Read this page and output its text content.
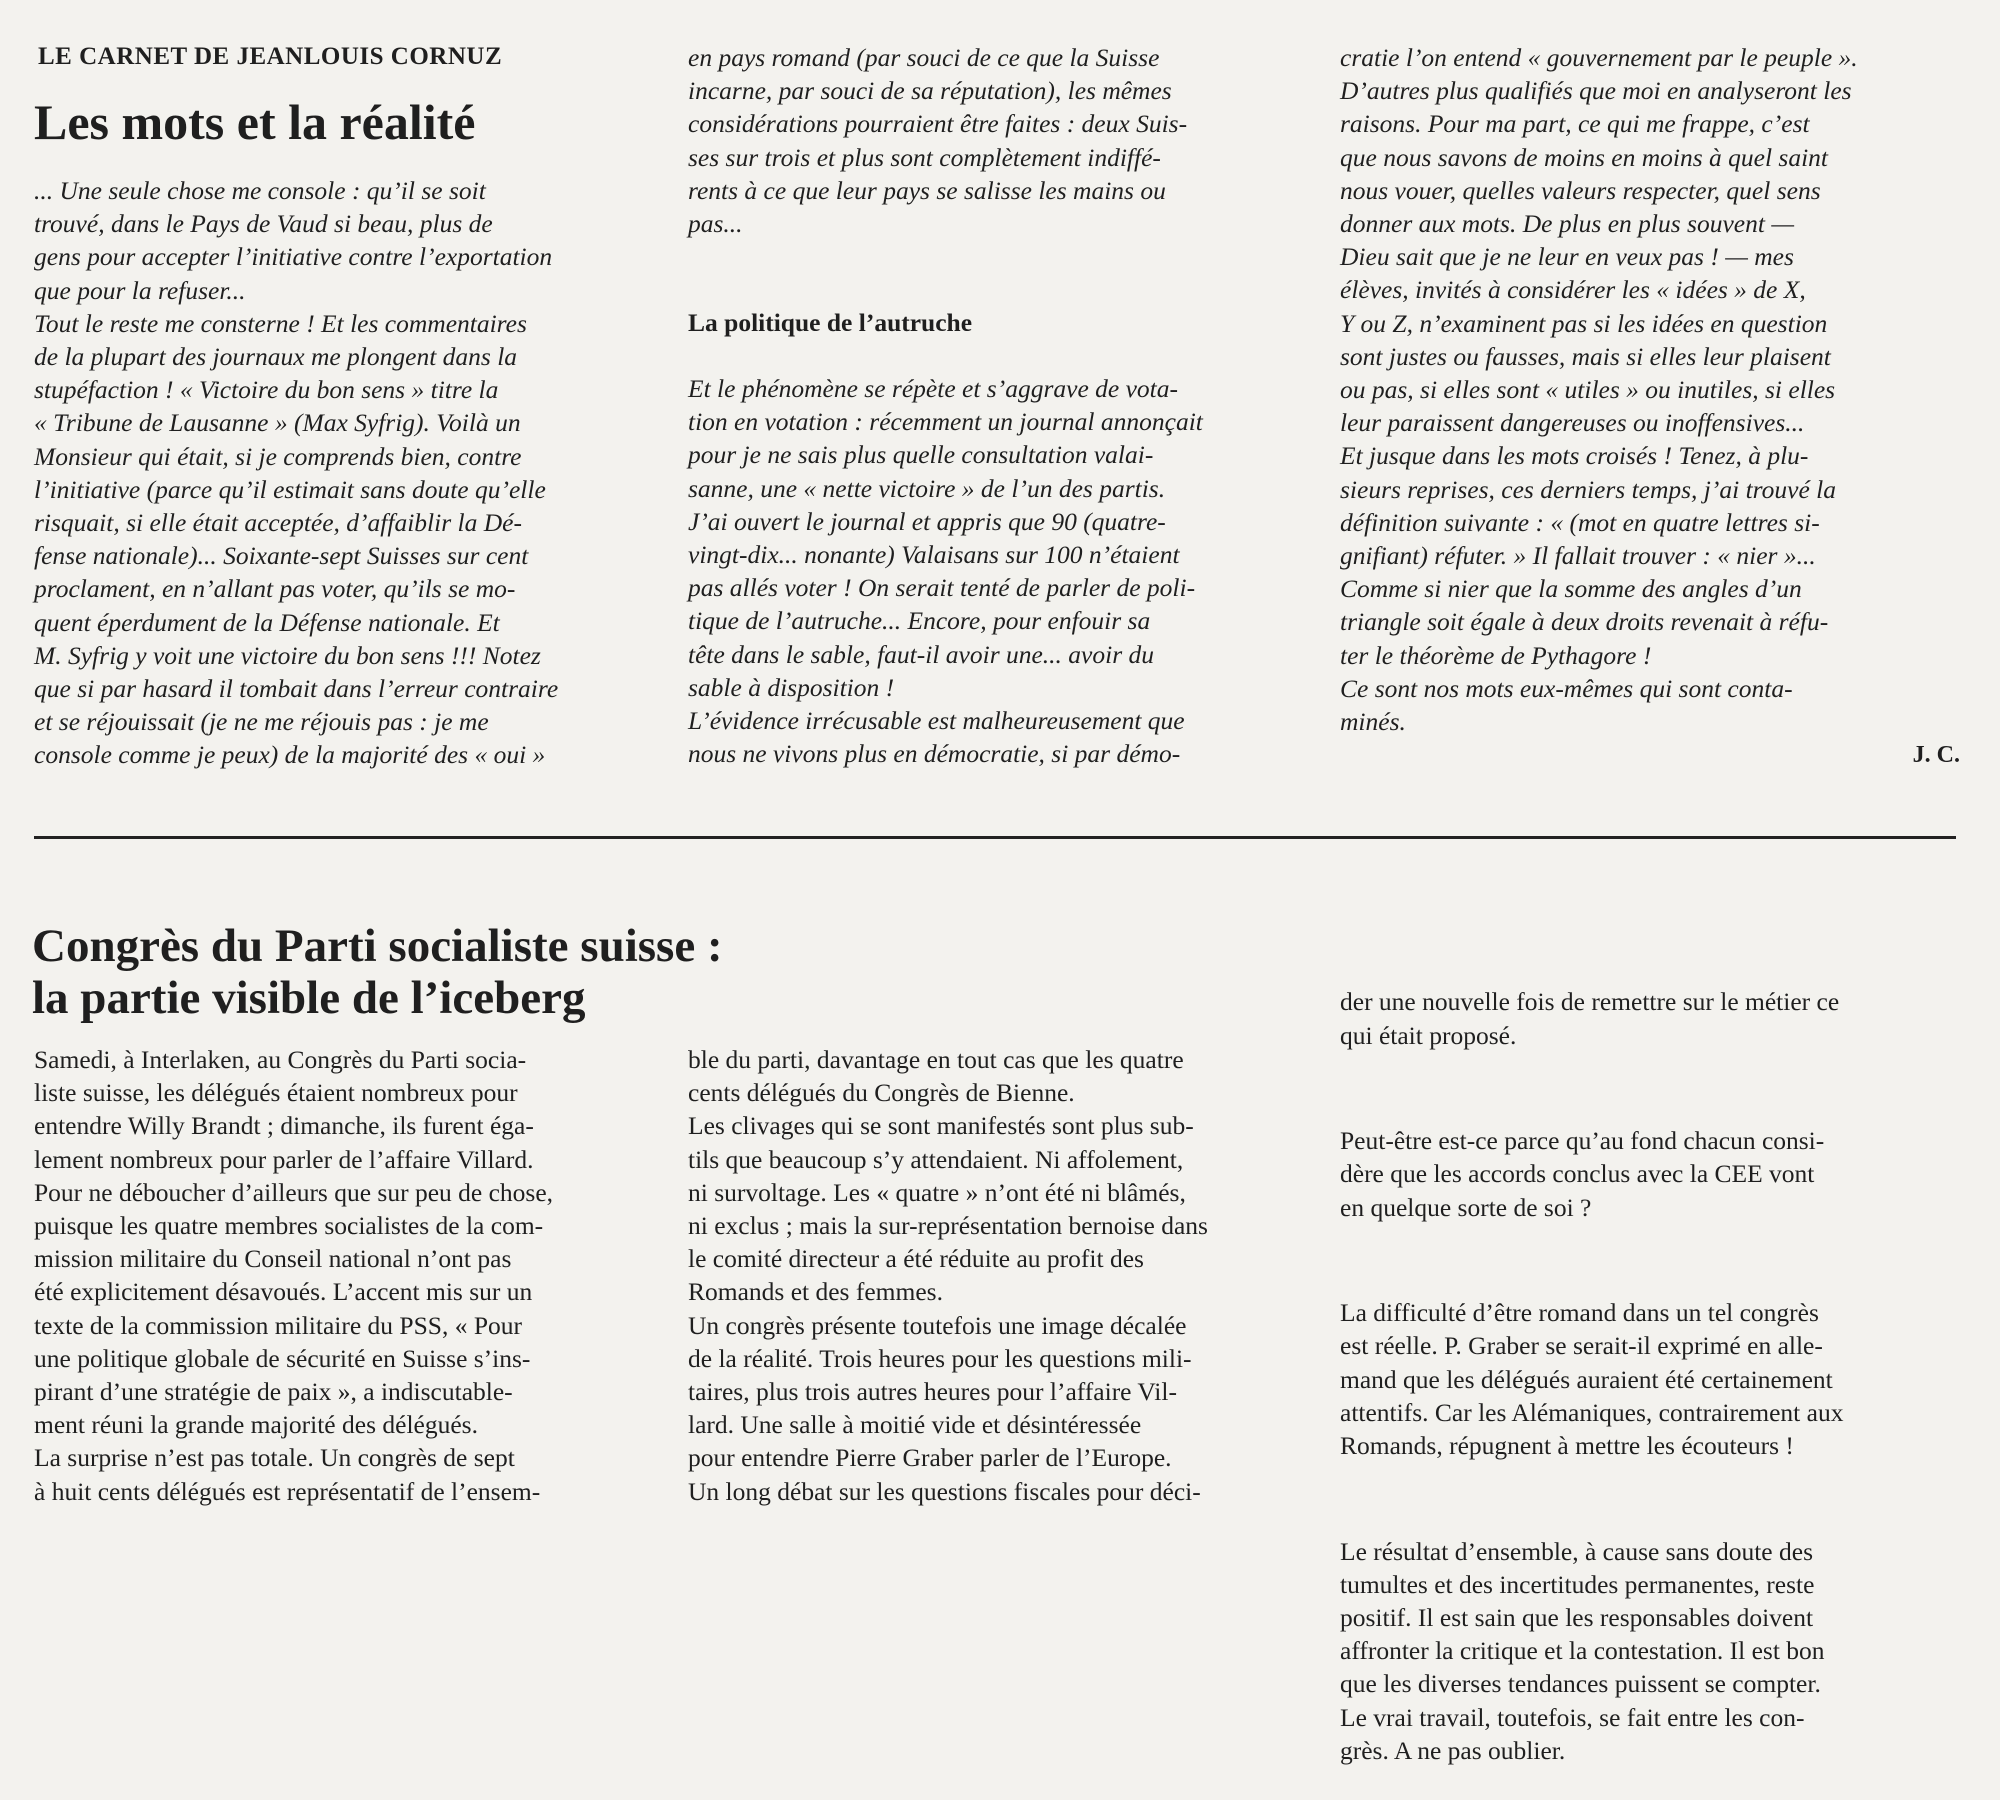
LE CARNET DE JEANLOUIS CORNUZ
Les mots et la réalité
... Une seule chose me console : qu’il se soit
trouvé, dans le Pays de Vaud si beau, plus de
gens pour accepter l’initiative contre l’exportation
que pour la refuser...
Tout le reste me consterne ! Et les commentaires
de la plupart des journaux me plongent dans la
stupéfaction ! « Victoire du bon sens » titre la
« Tribune de Lausanne » (Max Syfrig). Voilà un
Monsieur qui était, si je comprends bien, contre
l’initiative (parce qu’il estimait sans doute qu’elle
risquait, si elle était acceptée, d’affaiblir la Dé-
fense nationale)... Soixante-sept Suisses sur cent
proclament, en n’allant pas voter, qu’ils se mo-
quent éperdument de la Défense nationale. Et
M. Syfrig y voit une victoire du bon sens !!! Notez
que si par hasard il tombait dans l’erreur contraire
et se réjouissait (je ne me réjouis pas : je me
console comme je peux) de la majorité des « oui »
en pays romand (par souci de ce que la Suisse
incarne, par souci de sa réputation), les mêmes
considérations pourraient être faites : deux Suis-
ses sur trois et plus sont complètement indiffé-
rents à ce que leur pays se salisse les mains ou
pas...
La politique de l’autruche
Et le phénomène se répète et s’aggrave de vota-
tion en votation : récemment un journal annonçait
pour je ne sais plus quelle consultation valai-
sanne, une « nette victoire » de l’un des partis.
J’ai ouvert le journal et appris que 90 (quatre-
vingt-dix... nonante) Valaisans sur 100 n’étaient
pas allés voter ! On serait tenté de parler de poli-
tique de l’autruche... Encore, pour enfouir sa
tête dans le sable, faut-il avoir une... avoir du
sable à disposition !
L’évidence irrécusable est malheureusement que
nous ne vivons plus en démocratie, si par démo-
cratie l’on entend « gouvernement par le peuple ».
D’autres plus qualifiés que moi en analyseront les
raisons. Pour ma part, ce qui me frappe, c’est
que nous savons de moins en moins à quel saint
nous vouer, quelles valeurs respecter, quel sens
donner aux mots. De plus en plus souvent —
Dieu sait que je ne leur en veux pas ! — mes
élèves, invités à considérer les « idées » de X,
Y ou Z, n’examinent pas si les idées en question
sont justes ou fausses, mais si elles leur plaisent
ou pas, si elles sont « utiles » ou inutiles, si elles
leur paraissent dangereuses ou inoffensives...
Et jusque dans les mots croisés ! Tenez, à plu-
sieurs reprises, ces derniers temps, j’ai trouvé la
définition suivante : « (mot en quatre lettres si-
gnifiant) réfuter. » Il fallait trouver : « nier »...
Comme si nier que la somme des angles d’un
triangle soit égale à deux droits revenait à réfu-
ter le théorème de Pythagore !
Ce sont nos mots eux-mêmes qui sont conta-
minés.
J. C.
Congrès du Parti socialiste suisse :
la partie visible de l’iceberg
Samedi, à Interlaken, au Congrès du Parti socia-
liste suisse, les délégués étaient nombreux pour
entendre Willy Brandt ; dimanche, ils furent éga-
lement nombreux pour parler de l’affaire Villard.
Pour ne déboucher d’ailleurs que sur peu de chose,
puisque les quatre membres socialistes de la com-
mission militaire du Conseil national n’ont pas
été explicitement désavoués. L’accent mis sur un
texte de la commission militaire du PSS, « Pour
une politique globale de sécurité en Suisse s’ins-
pirant d’une stratégie de paix », a indiscutable-
ment réuni la grande majorité des délégués.
La surprise n’est pas totale. Un congrès de sept
à huit cents délégués est représentatif de l’ensem-
ble du parti, davantage en tout cas que les quatre
cents délégués du Congrès de Bienne.
Les clivages qui se sont manifestés sont plus sub-
tils que beaucoup s’y attendaient. Ni affolement,
ni survoltage. Les « quatre » n’ont été ni blâmés,
ni exclus ; mais la sur-représentation bernoise dans
le comité directeur a été réduite au profit des
Romands et des femmes.
Un congrès présente toutefois une image décalée
de la réalité. Trois heures pour les questions mili-
taires, plus trois autres heures pour l’affaire Vil-
lard. Une salle à moitié vide et désintéressée
pour entendre Pierre Graber parler de l’Europe.
Un long débat sur les questions fiscales pour déci-

der une nouvelle fois de remettre sur le métier ce
qui était proposé.

Peut-être est-ce parce qu’au fond chacun consi-
dère que les accords conclus avec la CEE vont
en quelque sorte de soi ?

La difficulté d’être romand dans un tel congrès
est réelle. P. Graber se serait-il exprimé en alle-
mand que les délégués auraient été certainement
attentifs. Car les Alémaniques, contrairement aux
Romands, répugnent à mettre les écouteurs !

Le résultat d’ensemble, à cause sans doute des
tumultes et des incertitudes permanentes, reste
positif. Il est sain que les responsables doivent
affronter la critique et la contestation. Il est bon
que les diverses tendances puissent se compter.
Le vrai travail, toutefois, se fait entre les con-
grès. A ne pas oublier.
